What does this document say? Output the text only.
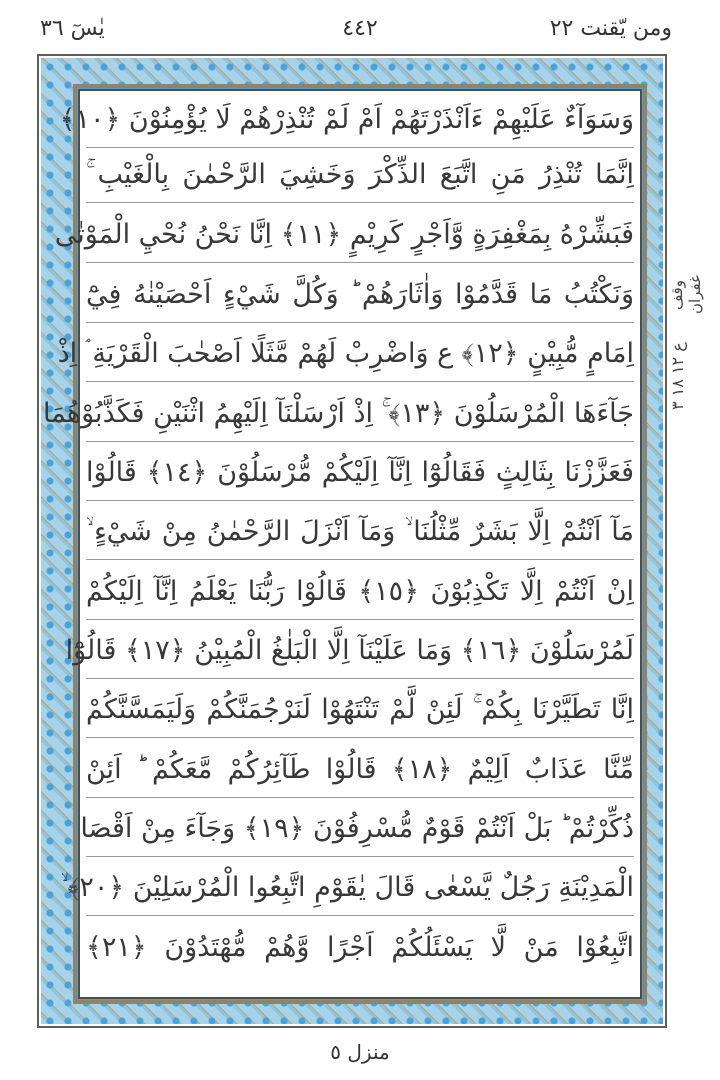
يٰسٓ ٣٦	٤٤٢	ومن يّقنت ٢٢
وَسَوَآءٌ عَلَيْهِمْ ءَاَنْذَرْتَهُمْ اَمْ لَمْ تُنْذِرْهُمْ لَا يُؤْمِنُوْنَ ﴿١٠﴾
اِنَّمَا تُنْذِرُ مَنِ اتَّبَعَ الذِّكْرَ وَخَشِيَ الرَّحْمٰنَ بِالْغَيْبِ ۚ
فَبَشِّرْهُ بِمَغْفِرَةٍ وَّاَجْرٍ كَرِيْمٍ ﴿١١﴾ اِنَّا نَحْنُ نُحْيِ الْمَوْتٰى
وَنَكْتُبُ مَا قَدَّمُوْا وَاٰثَارَهُمْ ؕ وَكُلَّ شَيْءٍ اَحْصَيْنٰهُ فِيْٓ
اِمَامٍ مُّبِيْنٍ ﴿١٢﴾ ع وَاضْرِبْ لَهُمْ مَّثَلًا اَصْحٰبَ الْقَرْيَةِ ۘ اِذْ
جَآءَهَا الْمُرْسَلُوْنَ ﴿١٣﴾ ۚ اِذْ اَرْسَلْنَآ اِلَيْهِمُ اثْنَيْنِ فَكَذَّبُوْهُمَا
فَعَزَّزْنَا بِثَالِثٍ فَقَالُوْٓا اِنَّآ اِلَيْكُمْ مُّرْسَلُوْنَ ﴿١٤﴾ قَالُوْا
مَآ اَنْتُمْ اِلَّا بَشَرٌ مِّثْلُنَا ۙ وَمَآ اَنْزَلَ الرَّحْمٰنُ مِنْ شَيْءٍ ۙ
اِنْ اَنْتُمْ اِلَّا تَكْذِبُوْنَ ﴿١٥﴾ قَالُوْا رَبُّنَا يَعْلَمُ اِنَّآ اِلَيْكُمْ
لَمُرْسَلُوْنَ ﴿١٦﴾ وَمَا عَلَيْنَآ اِلَّا الْبَلٰغُ الْمُبِيْنُ ﴿١٧﴾ قَالُوْٓا
اِنَّا تَطَيَّرْنَا بِكُمْ ۚ لَئِنْ لَّمْ تَنْتَهُوْا لَنَرْجُمَنَّكُمْ وَلَيَمَسَّنَّكُمْ
مِّنَّا عَذَابٌ اَلِيْمٌ ﴿١٨﴾ قَالُوْا طَآئِرُكُمْ مَّعَكُمْ ؕ اَئِنْ
ذُكِّرْتُمْ ؕ بَلْ اَنْتُمْ قَوْمٌ مُّسْرِفُوْنَ ﴿١٩﴾ وَجَآءَ مِنْ اَقْصَا
الْمَدِيْنَةِ رَجُلٌ يَّسْعٰى قَالَ يٰقَوْمِ اتَّبِعُوا الْمُرْسَلِيْنَ ﴿٢٠﴾ ۙ
اتَّبِعُوْا مَنْ لَّا يَسْئَلُكُمْ اَجْرًا وَّهُمْ مُّهْتَدُوْنَ ﴿٢١﴾
وقف غفران
ع ١٢ ١٨ ٣
منزل ٥
